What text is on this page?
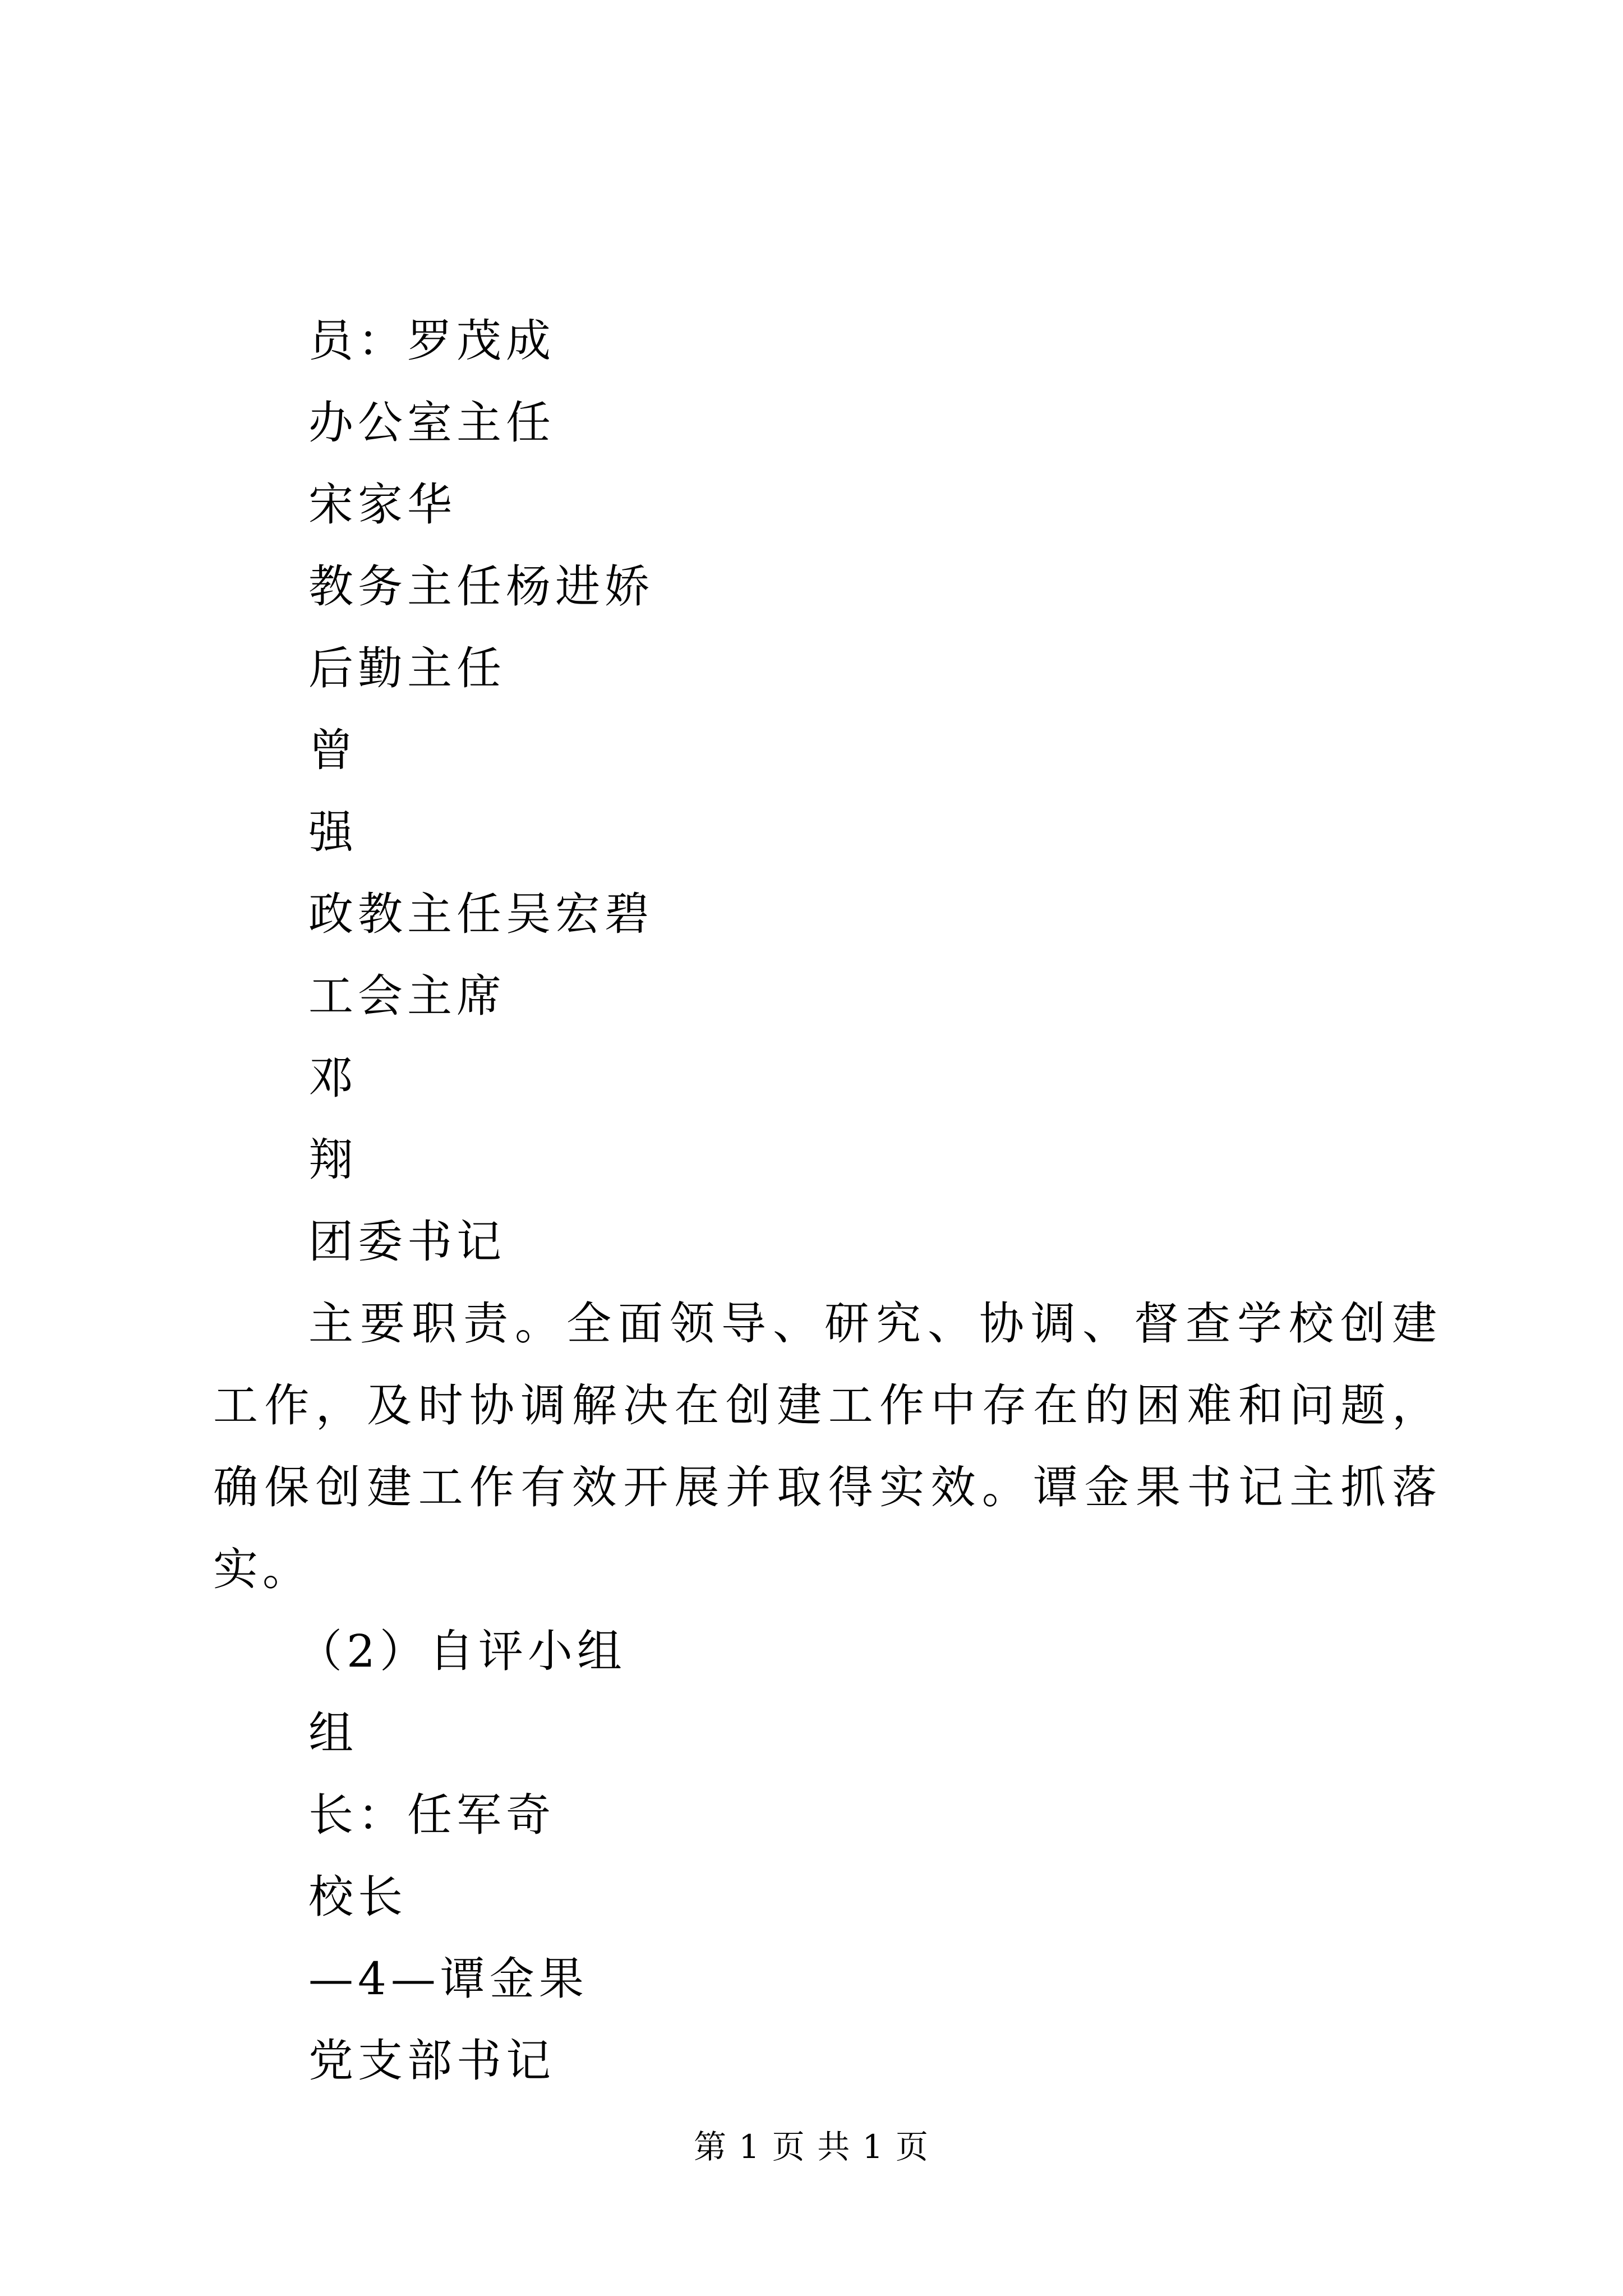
员：罗茂成
办公室主任
宋家华
教务主任杨进娇
后勤主任
曾
强
政教主任吴宏碧
工会主席
邓
翔
团委书记

主要职责。全面领导、研究、协调、督查学校创建工作，及时协调解决在创建工作中存在的困难和问题，确保创建工作有效开展并取得实效。谭金果书记主抓落实。

（2）自评小组
组
长：任军奇
校长
—4—谭金果
党支部书记
第 1 页 共 1 页
